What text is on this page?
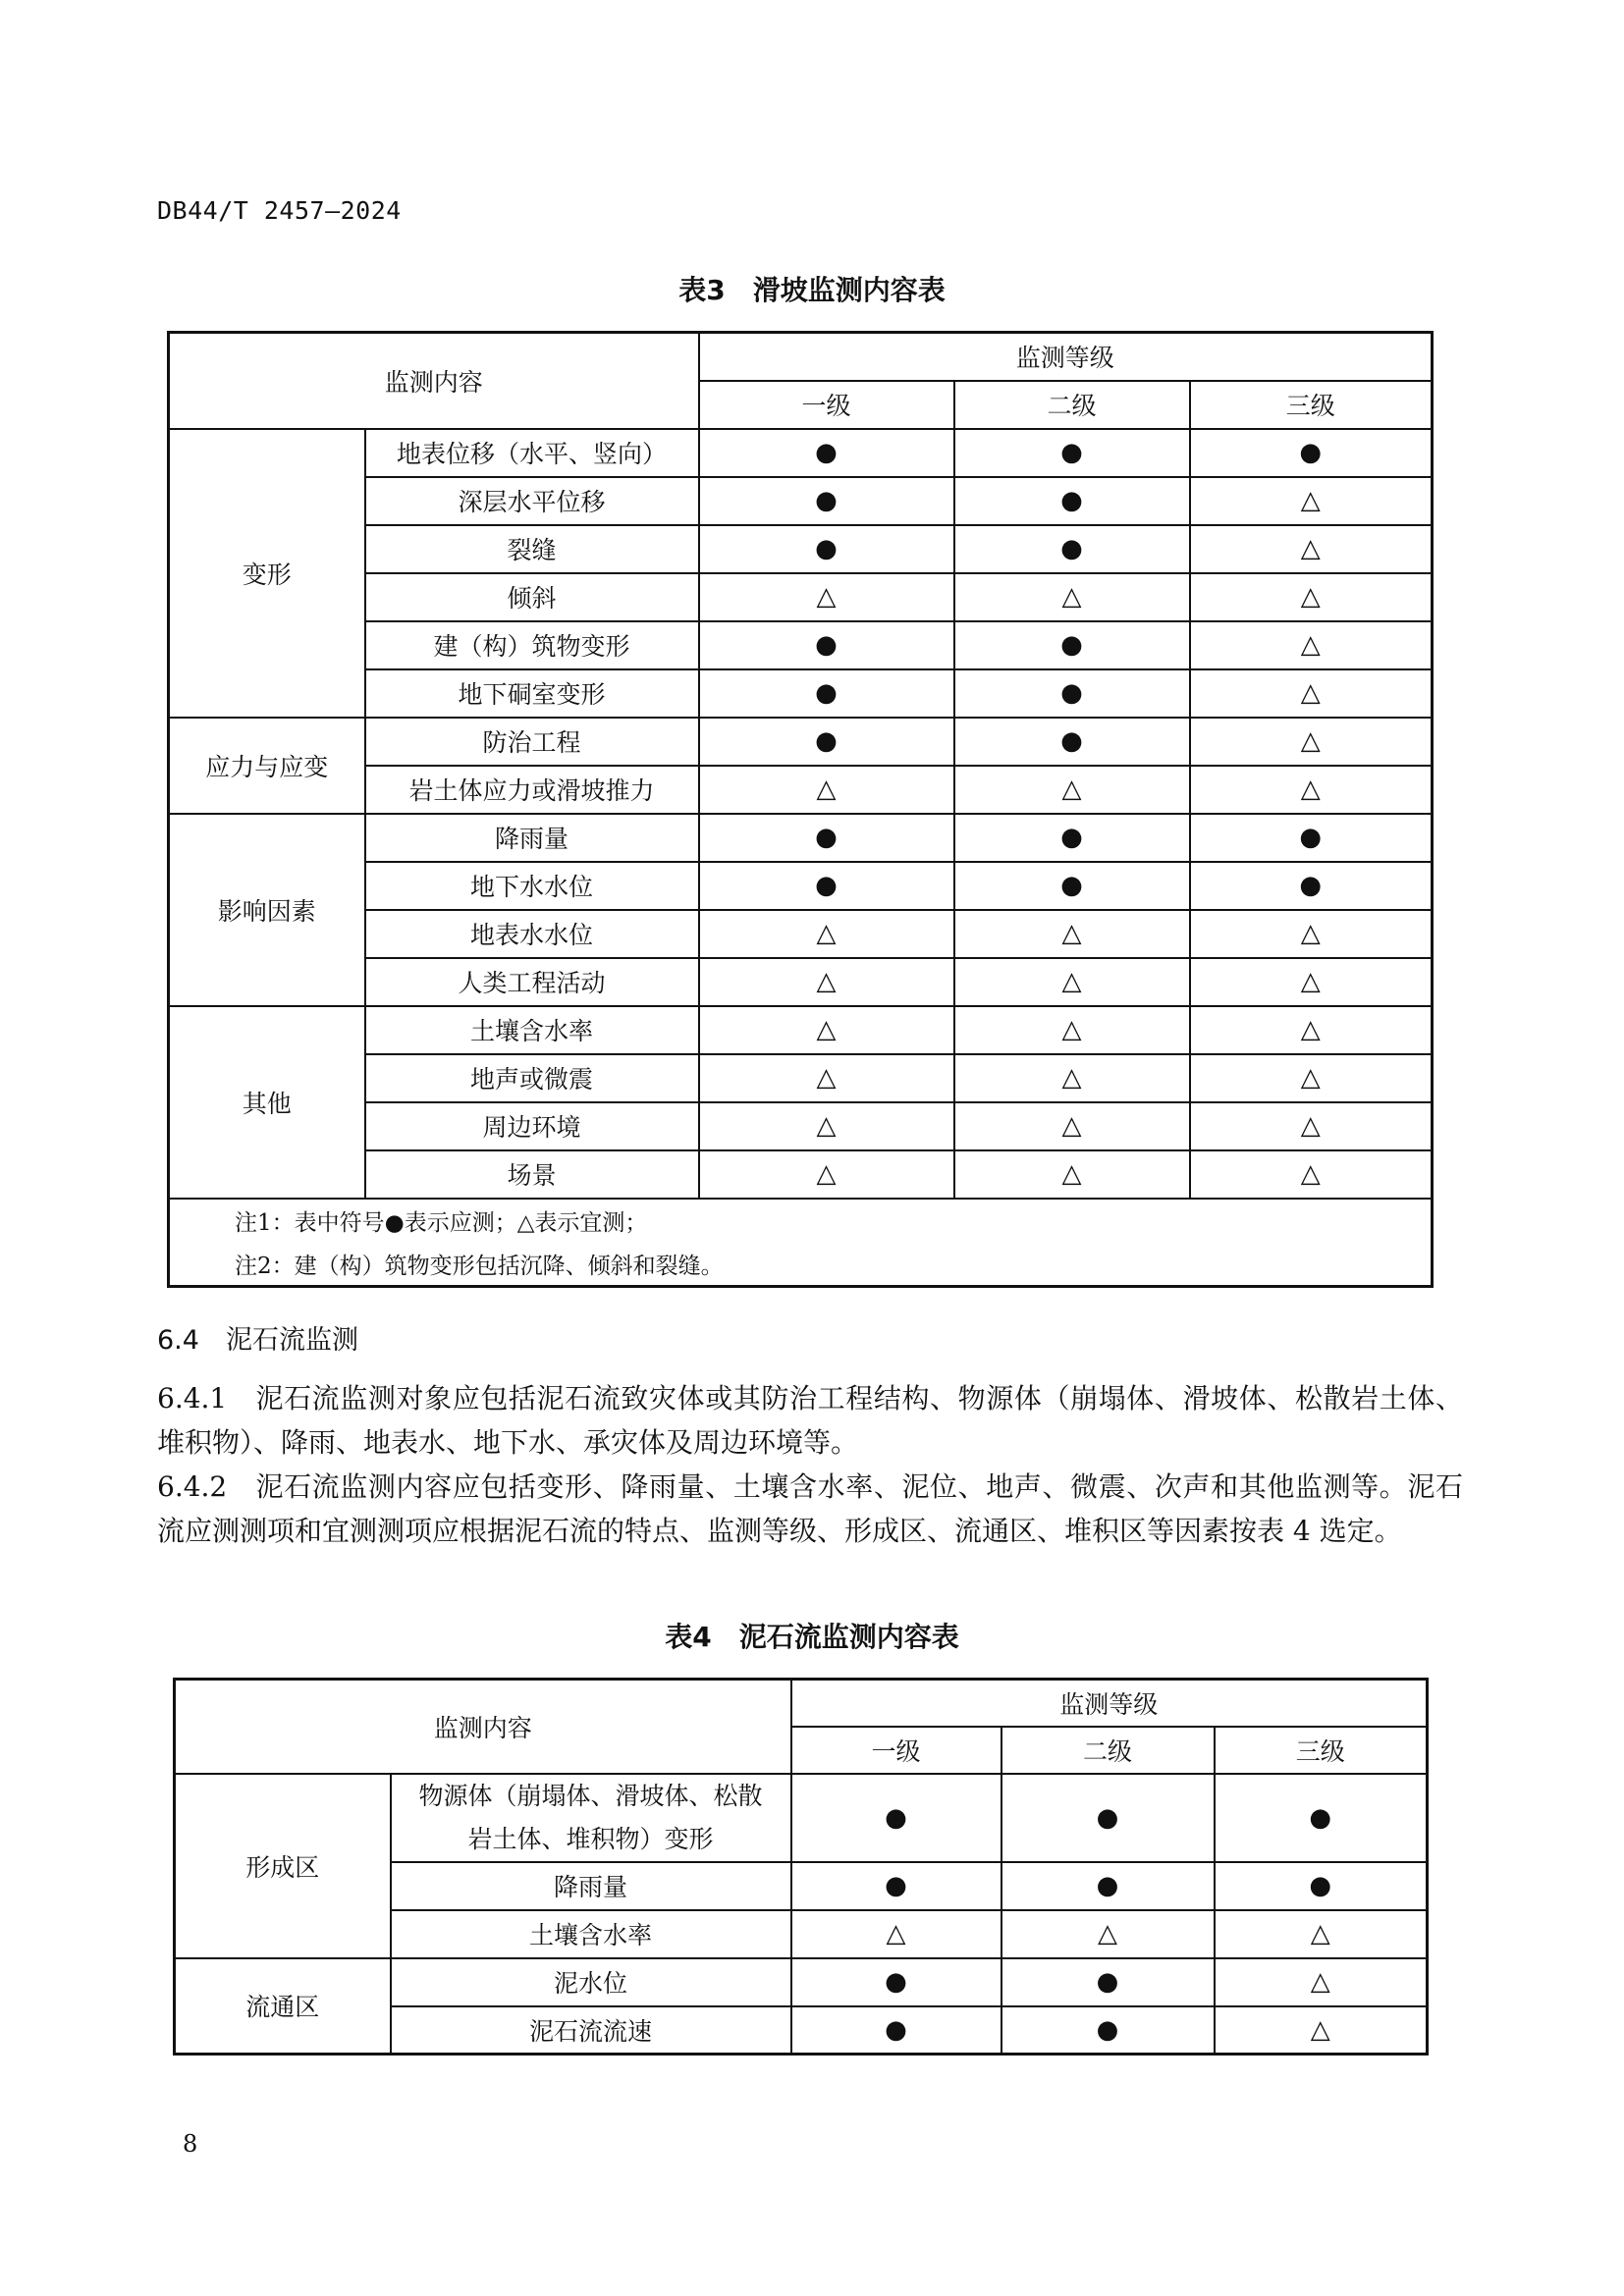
DB44/T 2457—2024
表3　滑坡监测内容表
监测内容		监测等级		
		一级	二级	三级
变形	地表位移（水平、竖向）	●	●	●
	深层水平位移	●	●	△
	裂缝	●	●	△
	倾斜	△	△	△
	建（构）筑物变形	●	●	△
	地下硐室变形	●	●	△
应力与应变	防治工程	●	●	△
	岩土体应力或滑坡推力	△	△	△
影响因素	降雨量	●	●	●
	地下水水位	●	●	●
	地表水水位	△	△	△
	人类工程活动	△	△	△
其他	土壤含水率	△	△	△
	地声或微震	△	△	△
	周边环境	△	△	△
	场景	△	△	△
注1：表中符号●表示应测；△表示宜测；				
注2：建（构）筑物变形包括沉降、倾斜和裂缝。				
6.4　泥石流监测
6.4.1　泥石流监测对象应包括泥石流致灾体或其防治工程结构、物源体（崩塌体、滑坡体、松散岩土体、堆积物）、降雨、地表水、地下水、承灾体及周边环境等。
6.4.2　泥石流监测内容应包括变形、降雨量、土壤含水率、泥位、地声、微震、次声和其他监测等。泥石流应测测项和宜测测项应根据泥石流的特点、监测等级、形成区、流通区、堆积区等因素按表 4 选定。
表4　泥石流监测内容表
监测内容		监测等级		
		一级	二级	三级
形成区	物源体（崩塌体、滑坡体、松散岩土体、堆积物）变形	●	●	●
	降雨量	●	●	●
	土壤含水率	△	△	△
流通区	泥水位	●	●	△
	泥石流流速	●	●	△
8
